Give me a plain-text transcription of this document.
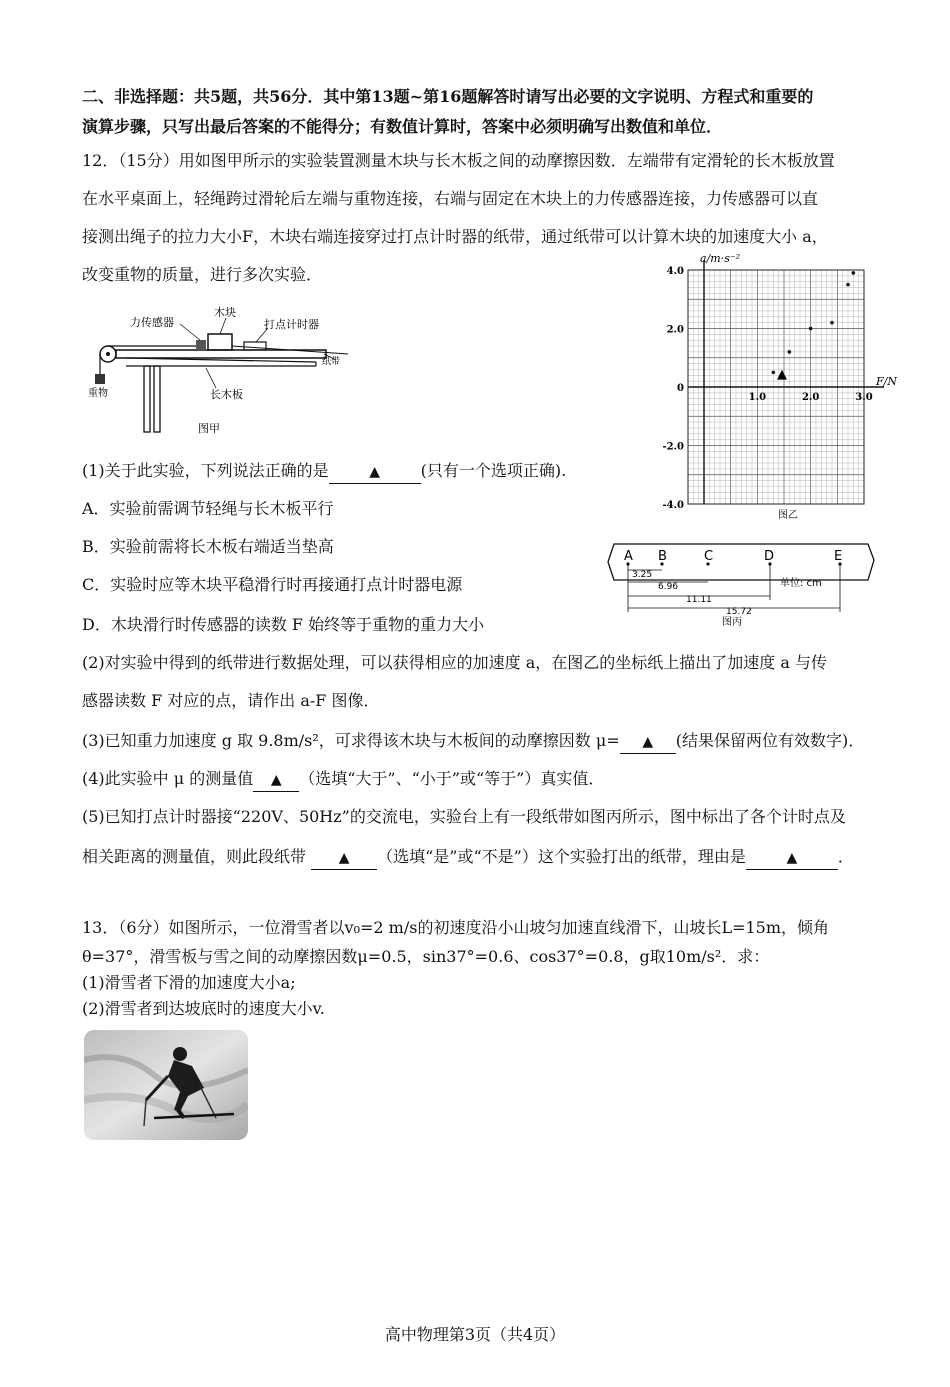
二、非选择题：共5题，共56分．其中第13题~第16题解答时请写出必要的文字说明、方程式和重要的
演算步骤，只写出最后答案的不能得分；有数值计算时，答案中必须明确写出数值和单位．
12．（15分）用如图甲所示的实验装置测量木块与长木板之间的动摩擦因数．左端带有定滑轮的长木板放置
在水平桌面上，轻绳跨过滑轮后左端与重物连接，右端与固定在木块上的力传感器连接，力传感器可以直
接测出绳子的拉力大小F，木块右端连接穿过打点计时器的纸带，通过纸带可以计算木块的加速度大小 a，
改变重物的质量，进行多次实验．
力传感器
木块
打点计时器
纸带
重物	长木板
图甲
4.0
2.0
0
-2.0
-4.0
1.0	2.0	3.0
a/m·s⁻²
F/N
图乙
▲
(1)关于此实验，下列说法正确的是	▲	(只有一个选项正确).
A．实验前需调节轻绳与长木板平行
B．实验前需将长木板右端适当垫高
C．实验时应等木块平稳滑行时再接通打点计时器电源
D．木块滑行时传感器的读数 F 始终等于重物的重力大小
A B	C	D	E
3.25
6.96
11.11
15.72
单位: cm
图丙
(2)对实验中得到的纸带进行数据处理，可以获得相应的加速度 a，在图乙的坐标纸上描出了加速度 a 与传
感器读数 F 对应的点，请作出 a-F 图像．
(3)已知重力加速度 g 取 9.8m/s²，可求得该木块与木板间的动摩擦因数 μ= ▲ (结果保留两位有效数字)．
(4)此实验中 μ 的测量值 ▲ （选填“大于”、“小于”或“等于”）真实值．
(5)已知打点计时器接“220V、50Hz”的交流电，实验台上有一段纸带如图丙所示，图中标出了各个计时点及
相关距离的测量值，则此段纸带 ▲ （选填“是”或“不是”）这个实验打出的纸带，理由是	▲	．
13．（6分）如图所示，一位滑雪者以v₀=2 m/s的初速度沿小山坡匀加速直线滑下，山坡长L=15m，倾角
θ=37°，滑雪板与雪之间的动摩擦因数μ=0.5，sin37°=0.6、cos37°=0.8，g取10m/s²．求：
(1)滑雪者下滑的加速度大小a;
(2)滑雪者到达坡底时的速度大小v.
高中物理第3页（共4页）
